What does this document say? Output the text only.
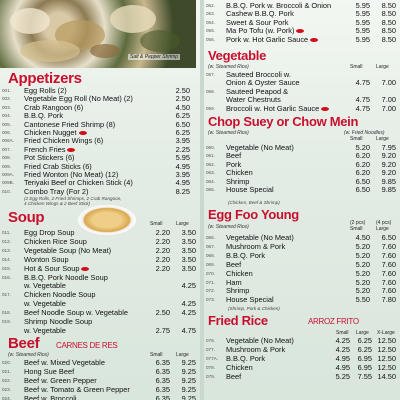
Salt & Pepper Shrimp
Appetizers
001. Egg Rolls (2)	2.50
002. Vegetable Egg Roll (No Meat) (2)	2.50
003. Crab Rangoon (6)	4.50
004. B.B.Q. Pork	6.25
005. Cantonese Fried Shrimp (8)	6.50
006. Chicken Nugget	6.25
006A. Fried Chicken Wings (6)	3.95
007. French Fries	2.25
008. Pot Stickers (6)	5.95
009. Fried Crab Sticks (6)	4.95
009A. Fried Wonton (No Meat) (12)	3.95
009B. Teriyaki Beef or Chicken Stick (4)	4.95
010. Combo Tray (For 2)	8.25
(2 Egg Rolls, 2 Fried Shrimps, 2 Crab Rangoon,
4 Chicken Wings & 2 Beef Stick)
Soup	Small	Large
011. Egg Drop Soup	2.20	3.50
012. Chicken Rice Soup	2.20	3.50
013. Vegetable Soup (No Meat)	2.20	3.50
014. Wonton Soup	2.20	3.50
015. Hot & Sour Soup	2.20	3.50
016. B.B.Q. Pork Noodle Soup
w. Vegetable	4.25
017. Chicken Noodle Soup
w. Vegetable	4.25
018. Beef Noodle Soup w. Vegetable	2.50	4.25
019. Shrimp Noodle Soup
w. Vegetable	2.75	4.75
Beef CARNES DE RES
(w. Steamed Rice)	Small	Large
020. Beef w. Mixed Vegetable	6.35	9.25
021. Hong Sue Beef	6.35	9.25
022. Beef w. Green Pepper	6.35	9.25
023. Beef w. Tomato & Green Pepper	6.35	9.25
024. Beef w. Broccoli	6.35	9.25
052. B.B.Q. Pork w. Broccoli & Onion	5.95	8.50
053. Cashew B.B.Q. Pork	5.95	8.50
054. Sweet & Sour Pork	5.95	8.50
055. Ma Po Tofu (w. Pork)	5.95	8.50
056. Pork w. Hot Garlic Sauce	5.95	8.50
Vegetable
(w. Steamed Rice)	Small	Large
057. Sauteed Broccoli w.
Onion & Oyster Sauce	4.75	7.00
058. Sauteed Peapod &
Water Chestnuts	4.75	7.00
059. Broccoli w. Hot Garlic Sauce	4.75	7.00
Chop Suey or Chow Mein
(w. Steamed Rice)	(w. Fried Noodles)
Small	Large
060. Vegetable (No Meat)	5.20	7.95
061. Beef	6.20	9.20
062. Pork	6.20	9.20
063. Chicken	6.20	9.20
064. Shrimp	6.50	9.85
065. House Special	6.50	9.85
(Chicken, Beef & Shrimp)
Egg Foo Young
(w. Steamed Rice)
(2 pcs)
Small
(4 pcs)
Large
066. Vegetable (No Meat)	4.50	6.50
067. Mushroom & Pork	5.20	7.60
068. B.B.Q. Pork	5.20	7.60
069. Beef	5.20	7.60
070. Chicken	5.20	7.60
071. Ham	5.20	7.60
072. Shrimp	5.20	7.60
073. House Special	5.50	7.80
(Shrimp, Pork & Chicken)
Fried Rice	ARROZ FRITO
Small Large X-Large
076. Vegetable (No Meat)	4.25	6.25 12.50
077. Mushroom & Pork	4.25	6.25 12.50
077A. B.B.Q. Pork	4.95	6.95 12.50
078. Chicken	4.95	6.95 12.50
079. Beef	5.25	7.55 14.50
